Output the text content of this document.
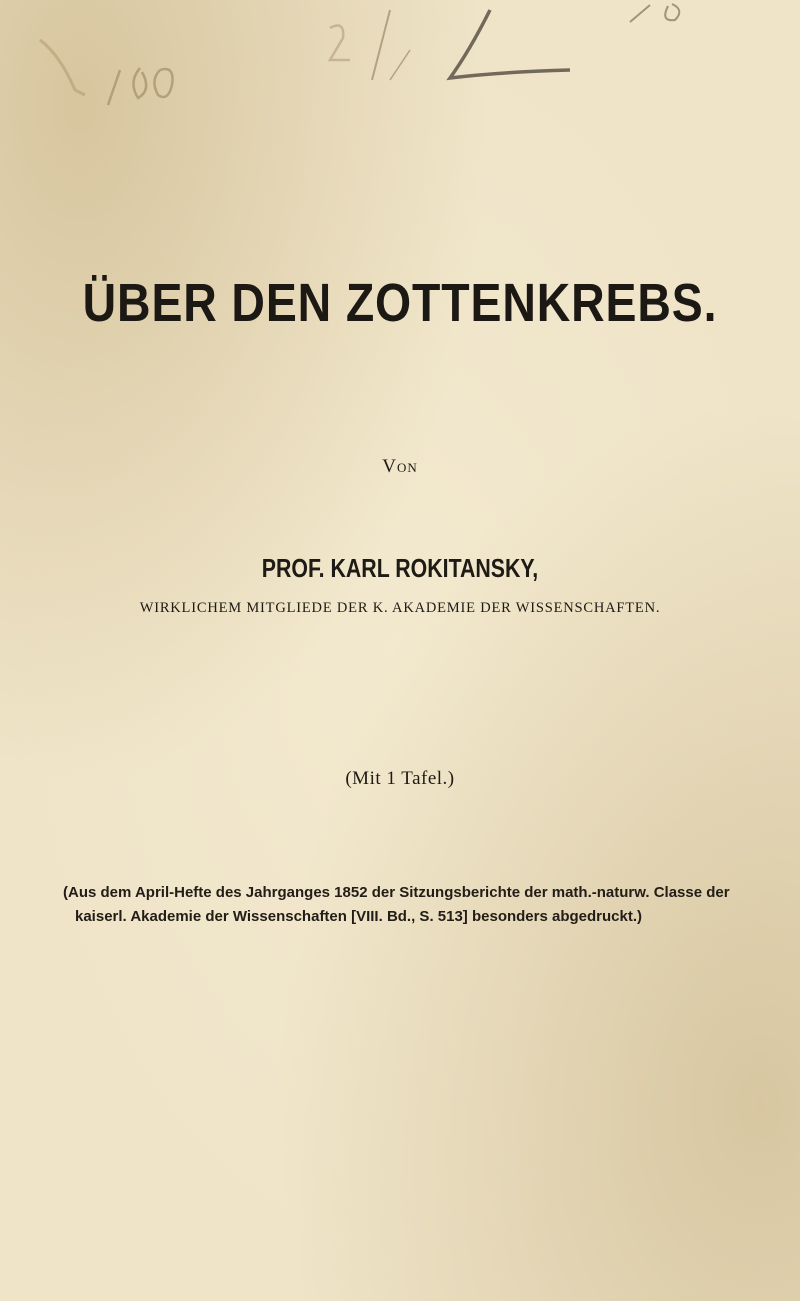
ÜBER DEN ZOTTENKREBS.
Von
PROF. KARL ROKITANSKY,
WIRKLICHEM MITGLIEDE DER K. AKADEMIE DER WISSENSCHAFTEN.
(Mit 1 Tafel.)
(Aus dem April-Hefte des Jahrganges 1852 der Sitzungsberichte der math.-naturw. Classe der
kaiserl. Akademie der Wissenschaften [VIII. Bd., S. 513] besonders abgedruckt.)
